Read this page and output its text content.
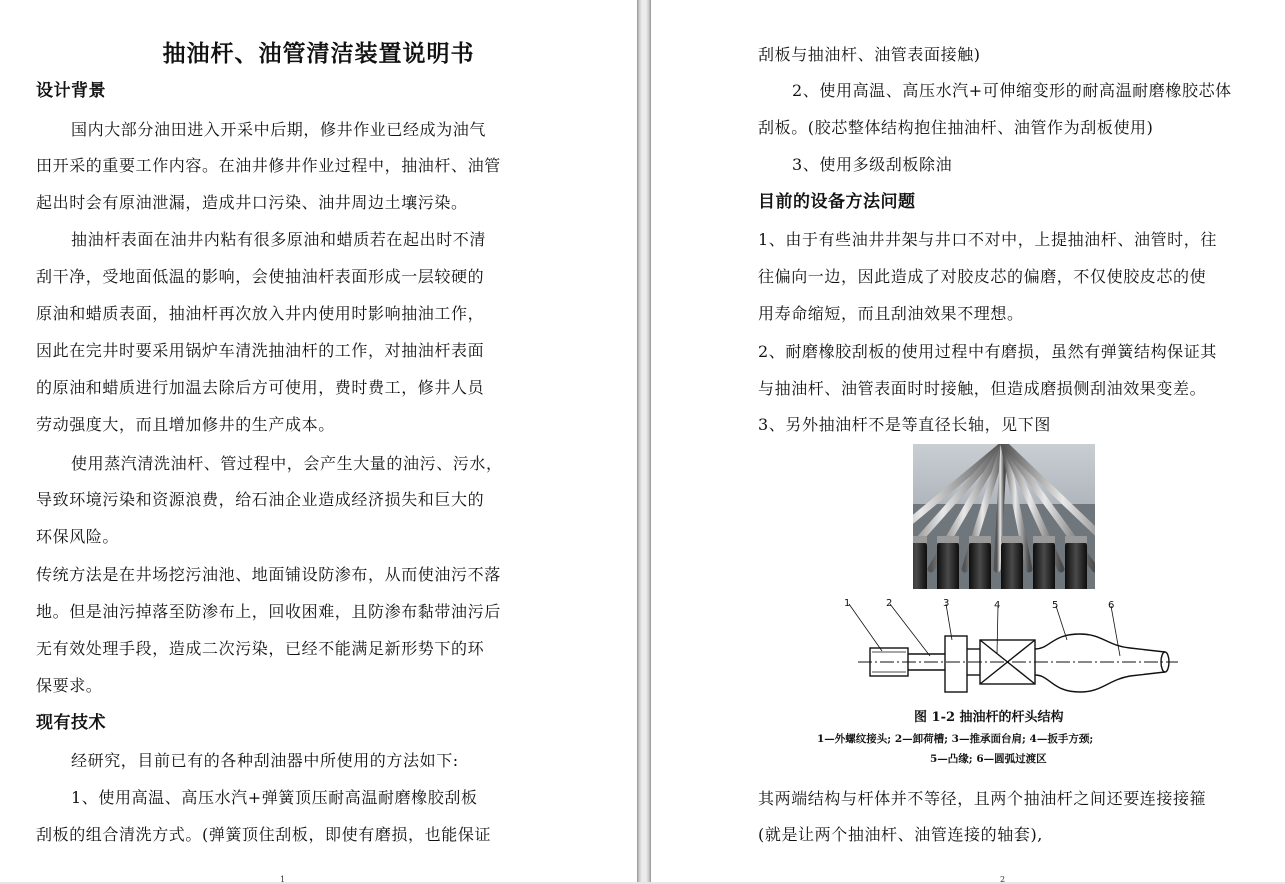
抽油杆、油管清洁装置说明书
设计背景
国内大部分油田进入开采中后期，修井作业已经成为油气
田开采的重要工作内容。在油井修井作业过程中，抽油杆、油管
起出时会有原油泄漏，造成井口污染、油井周边土壤污染。
抽油杆表面在油井内粘有很多原油和蜡质若在起出时不清
刮干净，受地面低温的影响，会使抽油杆表面形成一层较硬的
原油和蜡质表面，抽油杆再次放入井内使用时影响抽油工作，
因此在完井时要采用锅炉车清洗抽油杆的工作，对抽油杆表面
的原油和蜡质进行加温去除后方可使用，费时费工，修井人员
劳动强度大，而且增加修井的生产成本。
使用蒸汽清洗油杆、管过程中，会产生大量的油污、污水，
导致环境污染和资源浪费，给石油企业造成经济损失和巨大的
环保风险。
传统方法是在井场挖污油池、地面铺设防渗布，从而使油污不落
地。但是油污掉落至防渗布上，回收困难，且防渗布黏带油污后
无有效处理手段，造成二次污染，已经不能满足新形势下的环
保要求。
现有技术
经研究，目前已有的各种刮油器中所使用的方法如下:
1、使用高温、高压水汽+弹簧顶压耐高温耐磨橡胶刮板
刮板的组合清洗方式。(弹簧顶住刮板，即使有磨损，也能保证
1
刮板与抽油杆、油管表面接触)
2、使用高温、高压水汽+可伸缩变形的耐高温耐磨橡胶芯体
刮板。(胶芯整体结构抱住抽油杆、油管作为刮板使用)
3、使用多级刮板除油
目前的设备方法问题
1、由于有些油井井架与井口不对中，上提抽油杆、油管时，往
往偏向一边，因此造成了对胶皮芯的偏磨，不仅使胶皮芯的使
用寿命缩短，而且刮油效果不理想。
2、耐磨橡胶刮板的使用过程中有磨损，虽然有弹簧结构保证其
与抽油杆、油管表面时时接触，但造成磨损侧刮油效果变差。
3、另外抽油杆不是等直径长轴，见下图
1	2	3	4	5	6
图 1-2 抽油杆的杆头结构
1—外螺纹接头; 2—卸荷槽; 3—推承面台肩; 4—扳手方颈;
5—凸缘; 6—圆弧过渡区
其两端结构与杆体并不等径，且两个抽油杆之间还要连接接箍
(就是让两个抽油杆、油管连接的轴套),
2
